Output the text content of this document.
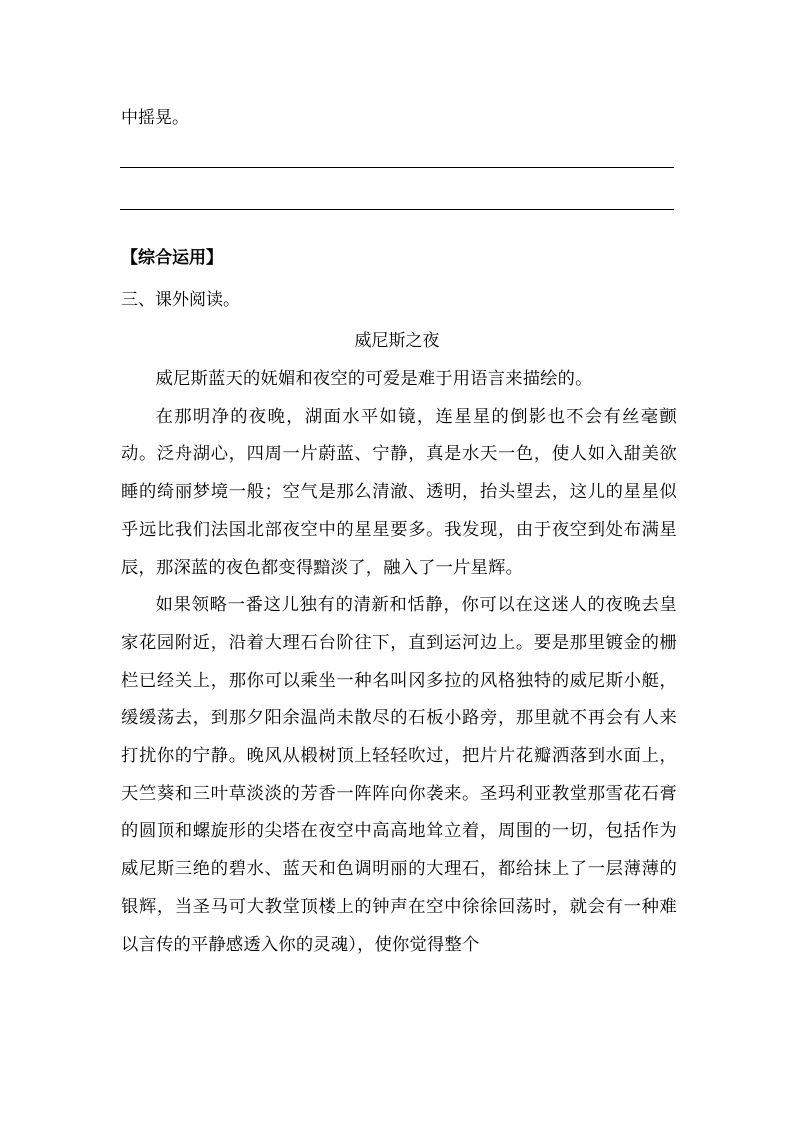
中摇晃。
【综合运用】
三、课外阅读。
威尼斯之夜

威尼斯蓝天的妩媚和夜空的可爱是难于用语言来描绘的。

在那明净的夜晚，湖面水平如镜，连星星的倒影也不会有丝毫颤动。泛舟湖心，四周一片蔚蓝、宁静，真是水天一色，使人如入甜美欲睡的绮丽梦境一般；空气是那么清澈、透明，抬头望去，这儿的星星似乎远比我们法国北部夜空中的星星要多。我发现，由于夜空到处布满星辰，那深蓝的夜色都变得黯淡了，融入了一片星辉。

如果领略一番这儿独有的清新和恬静，你可以在这迷人的夜晚去皇家花园附近，沿着大理石台阶往下，直到运河边上。要是那里镀金的栅栏已经关上，那你可以乘坐一种名叫冈多拉的风格独特的威尼斯小艇，缓缓荡去，到那夕阳余温尚未散尽的石板小路旁，那里就不再会有人来打扰你的宁静。晚风从椴树顶上轻轻吹过，把片片花瓣洒落到水面上，天竺葵和三叶草淡淡的芳香一阵阵向你袭来。圣玛利亚教堂那雪花石膏的圆顶和螺旋形的尖塔在夜空中高高地耸立着，周围的一切，包括作为威尼斯三绝的碧水、蓝天和色调明丽的大理石，都给抹上了一层薄薄的银辉，当圣马可大教堂顶楼上的钟声在空中徐徐回荡时，就会有一种难以言传的平静感透入你的灵魂），使你觉得整个
